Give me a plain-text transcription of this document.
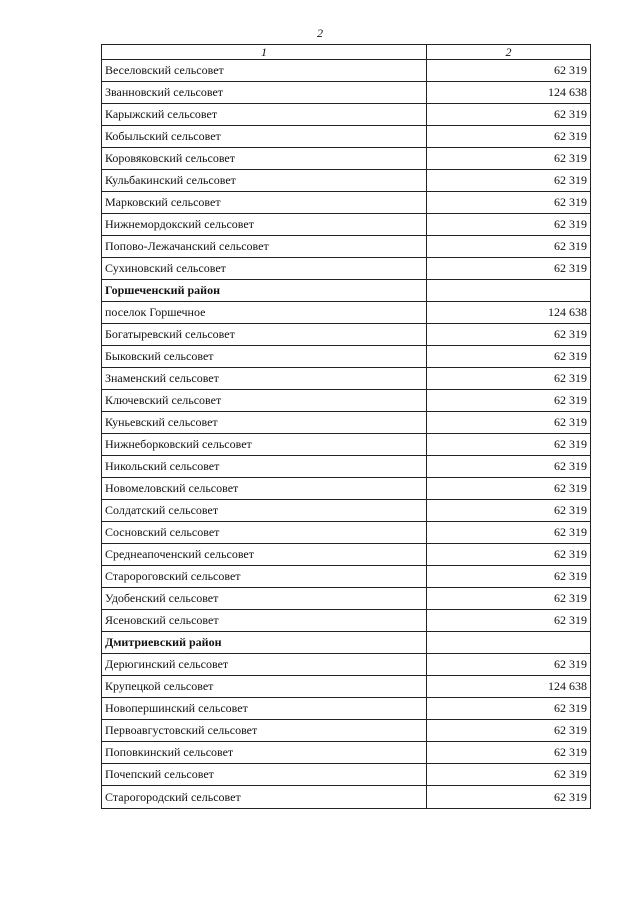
2
1	2
Веселовский сельсовет	62 319
Званновский сельсовет	124 638
Карыжский сельсовет	62 319
Кобыльский сельсовет	62 319
Коровяковский сельсовет	62 319
Кульбакинский сельсовет	62 319
Марковский сельсовет	62 319
Нижнемордокский сельсовет	62 319
Попово-Лежачанский сельсовет	62 319
Сухиновский сельсовет	62 319
Горшеченский район	
поселок Горшечное	124 638
Богатыревский сельсовет	62 319
Быковский сельсовет	62 319
Знаменский сельсовет	62 319
Ключевский сельсовет	62 319
Куньевский сельсовет	62 319
Нижнеборковский сельсовет	62 319
Никольский сельсовет	62 319
Новомеловский сельсовет	62 319
Солдатский сельсовет	62 319
Сосновский сельсовет	62 319
Среднеапоченский сельсовет	62 319
Старороговский сельсовет	62 319
Удобенский сельсовет	62 319
Ясеновский сельсовет	62 319
Дмитриевский район	
Дерюгинский сельсовет	62 319
Крупецкой сельсовет	124 638
Новопершинский сельсовет	62 319
Первоавгустовский сельсовет	62 319
Поповкинский сельсовет	62 319
Почепский сельсовет	62 319
Старогородский сельсовет	62 319
